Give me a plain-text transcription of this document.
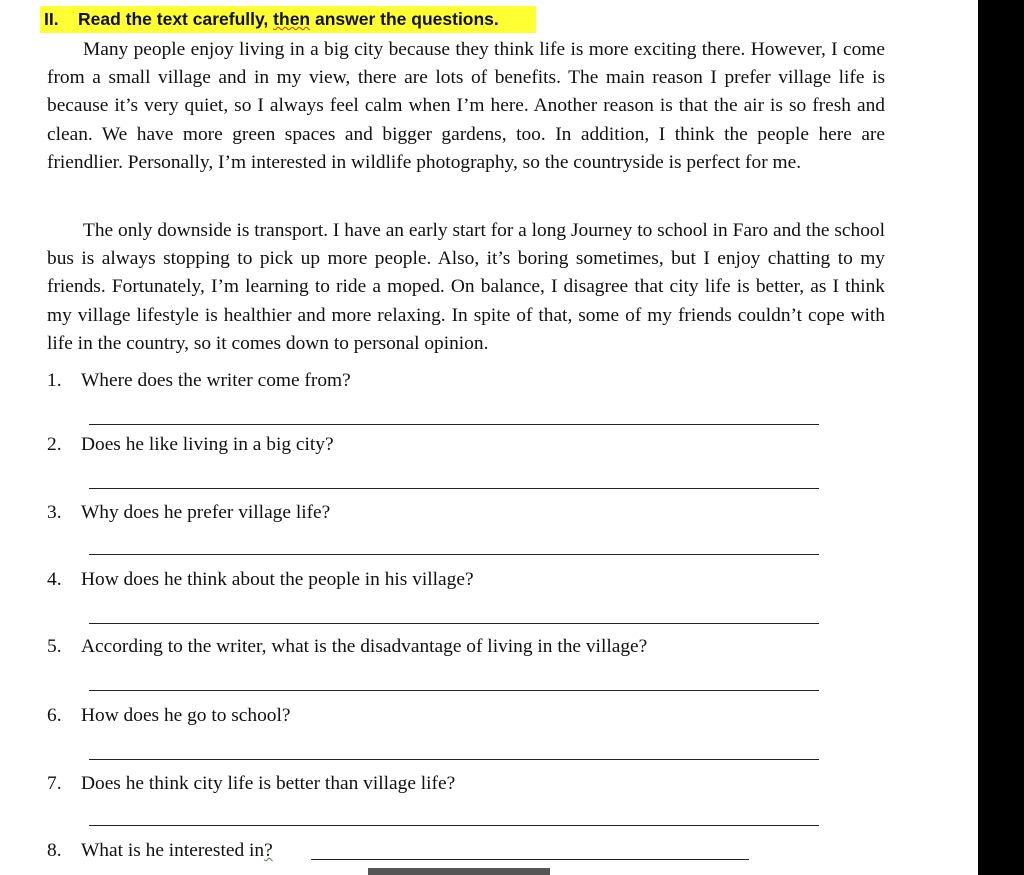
II. Read the text carefully, then answer the questions.

Many people enjoy living in a big city because they think life is more exciting there. However, I come from a small village and in my view, there are lots of benefits. The main reason I prefer village life is because it’s very quiet, so I always feel calm when I’m here. Another reason is that the air is so fresh and clean. We have more green spaces and bigger gardens, too. In addition, I think the people here are friendlier. Personally, I’m interested in wildlife photography, so the countryside is perfect for me.

The only downside is transport. I have an early start for a long Journey to school in Faro and the school bus is always stopping to pick up more people. Also, it’s boring sometimes, but I enjoy chatting to my friends. Fortunately, I’m learning to ride a moped. On balance, I disagree that city life is better, as I think my village lifestyle is healthier and more relaxing. In spite of that, some of my friends couldn’t cope with life in the country, so it comes down to personal opinion.

1. Where does the writer come from?
2. Does he like living in a big city?
3. Why does he prefer village life?
4. How does he think about the people in his village?
5. According to the writer, what is the disadvantage of living in the village?
6. How does he go to school?
7. Does he think city life is better than village life?
8. What is he interested in?
